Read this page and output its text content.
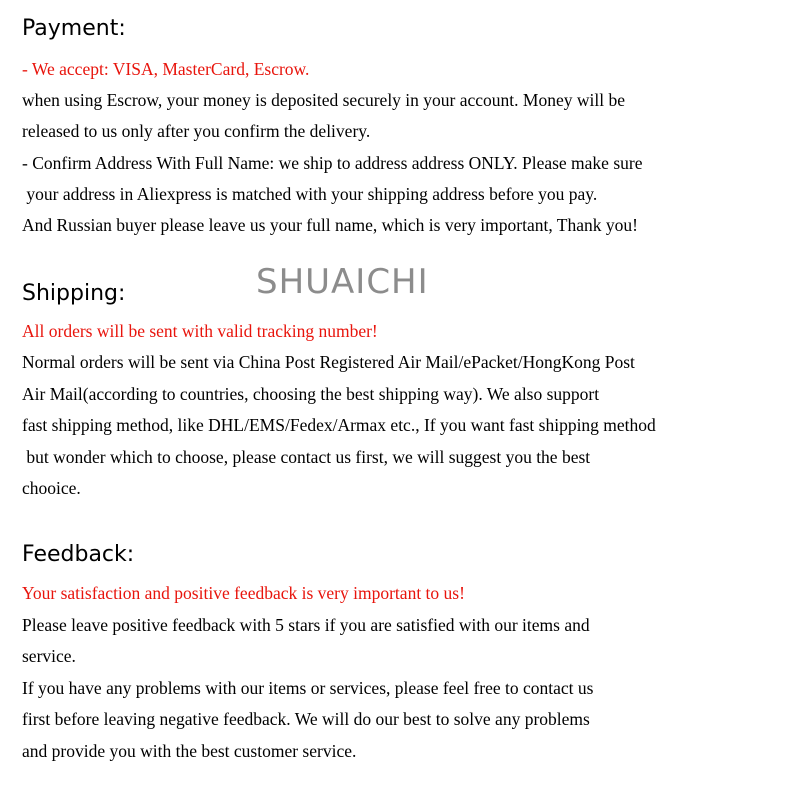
Payment:
- We accept: VISA, MasterCard, Escrow.
when using Escrow, your money is deposited securely in your account. Money will be
released to us only after you confirm the delivery.
- Confirm Address With Full Name: we ship to address address ONLY. Please make sure
your address in Aliexpress is matched with your shipping address before you pay.
And Russian buyer please leave us your full name, which is very important, Thank you!
SHUAICHI
Shipping:
All orders will be sent with valid tracking number!
Normal orders will be sent via China Post Registered Air Mail/ePacket/HongKong Post
Air Mail(according to countries, choosing the best shipping way). We also support
fast shipping method, like DHL/EMS/Fedex/Armax etc., If you want fast shipping method
but wonder which to choose, please contact us first, we will suggest you the best
chooice.
Feedback:
Your satisfaction and positive feedback is very important to us!
Please leave positive feedback with 5 stars if you are satisfied with our items and
service.
If you have any problems with our items or services, please feel free to contact us
first before leaving negative feedback. We will do our best to solve any problems
and provide you with the best customer service.
